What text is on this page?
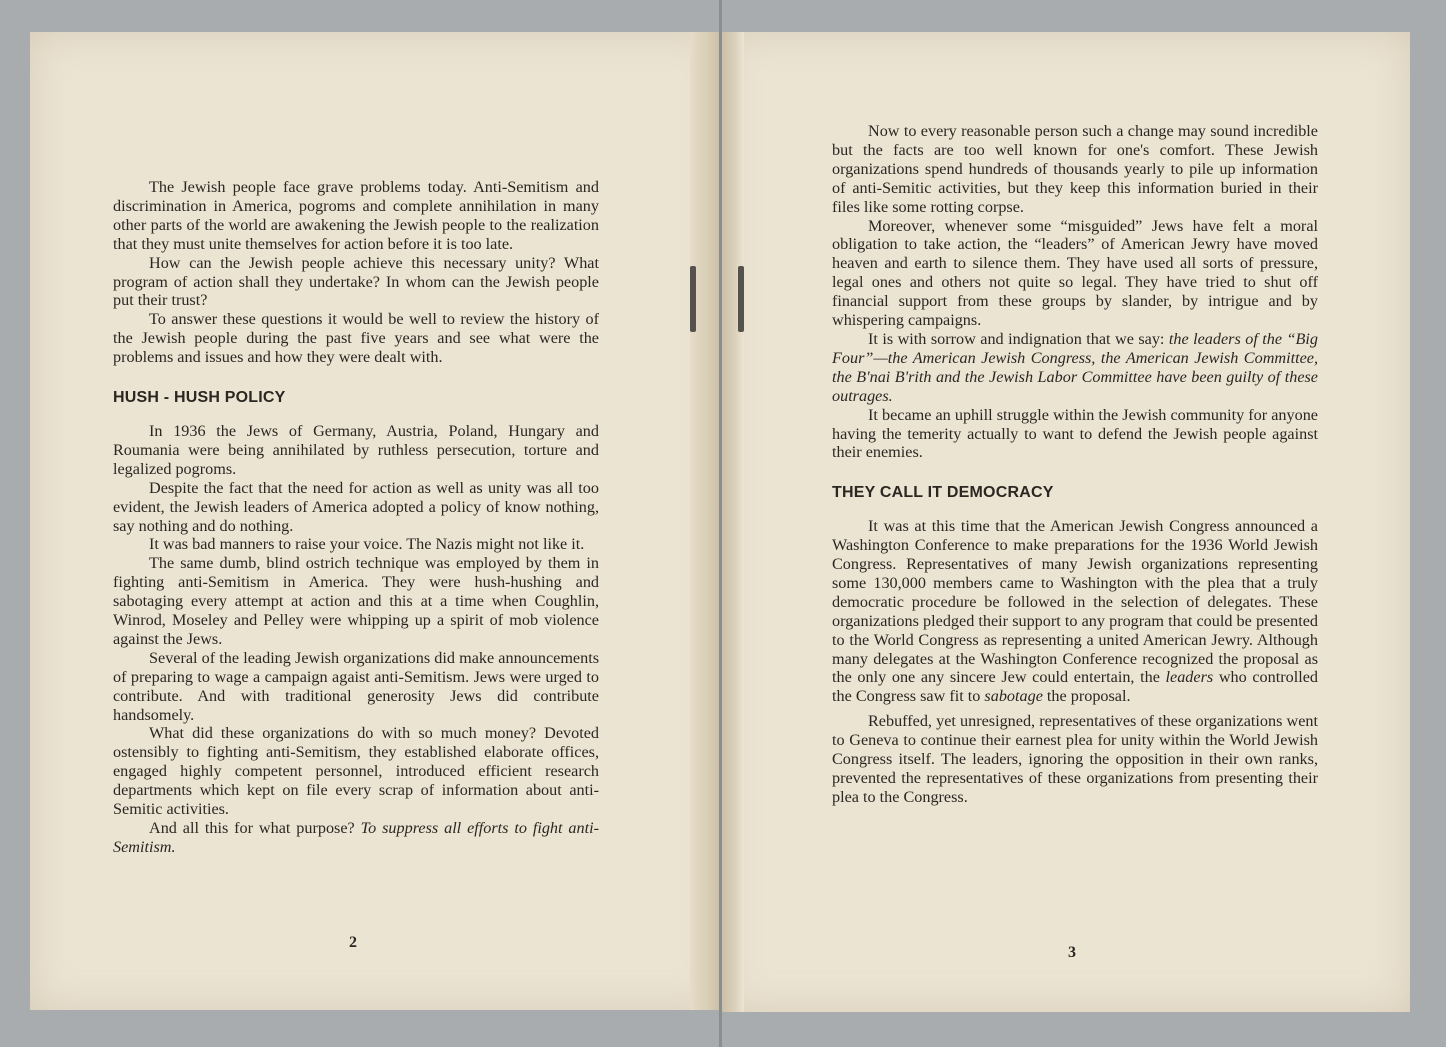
The Jewish people face grave problems today. Anti-Semitism and discrimination in America, pogroms and complete annihilation in many other parts of the world are awakening the Jewish people to the realization that they must unite themselves for action before it is too late.

How can the Jewish people achieve this necessary unity? What program of action shall they undertake? In whom can the Jewish people put their trust?

To answer these questions it would be well to review the history of the Jewish people during the past five years and see what were the problems and issues and how they were dealt with.

HUSH - HUSH POLICY

In 1936 the Jews of Germany, Austria, Poland, Hungary and Roumania were being annihilated by ruthless persecution, torture and legalized pogroms.

Despite the fact that the need for action as well as unity was all too evident, the Jewish leaders of America adopted a policy of know nothing, say nothing and do nothing.

It was bad manners to raise your voice. The Nazis might not like it.

The same dumb, blind ostrich technique was employed by them in fighting anti-Semitism in America. They were hush-hushing and sabotaging every attempt at action and this at a time when Coughlin, Winrod, Moseley and Pelley were whipping up a spirit of mob violence against the Jews.

Several of the leading Jewish organizations did make announcements of preparing to wage a campaign agaist anti-Semitism. Jews were urged to contribute. And with traditional generosity Jews did contribute handsomely.

What did these organizations do with so much money? Devoted ostensibly to fighting anti-Semitism, they established elaborate offices, engaged highly competent personnel, introduced efficient research departments which kept on file every scrap of information about anti-Semitic activities.

And all this for what purpose? To suppress all efforts to fight anti-Semitism.

2

Now to every reasonable person such a change may sound incredible but the facts are too well known for one's comfort. These Jewish organizations spend hundreds of thousands yearly to pile up information of anti-Semitic activities, but they keep this information buried in their files like some rotting corpse.

Moreover, whenever some “misguided” Jews have felt a moral obligation to take action, the “leaders” of American Jewry have moved heaven and earth to silence them. They have used all sorts of pressure, legal ones and others not quite so legal. They have tried to shut off financial support from these groups by slander, by intrigue and by whispering campaigns.

It is with sorrow and indignation that we say: the leaders of the “Big Four”—the American Jewish Congress, the American Jewish Committee, the B'nai B'rith and the Jewish Labor Committee have been guilty of these outrages.

It became an uphill struggle within the Jewish community for anyone having the temerity actually to want to defend the Jewish people against their enemies.

THEY CALL IT DEMOCRACY

It was at this time that the American Jewish Congress announced a Washington Conference to make preparations for the 1936 World Jewish Congress. Representatives of many Jewish organizations representing some 130,000 members came to Washington with the plea that a truly democratic procedure be followed in the selection of delegates. These organizations pledged their support to any program that could be presented to the World Congress as representing a united American Jewry. Although many delegates at the Washington Conference recognized the proposal as the only one any sincere Jew could entertain, the leaders who controlled the Congress saw fit to sabotage the proposal.

Rebuffed, yet unresigned, representatives of these organizations went to Geneva to continue their earnest plea for unity within the World Jewish Congress itself. The leaders, ignoring the opposition in their own ranks, prevented the representatives of these organizations from presenting their plea to the Congress.

3
